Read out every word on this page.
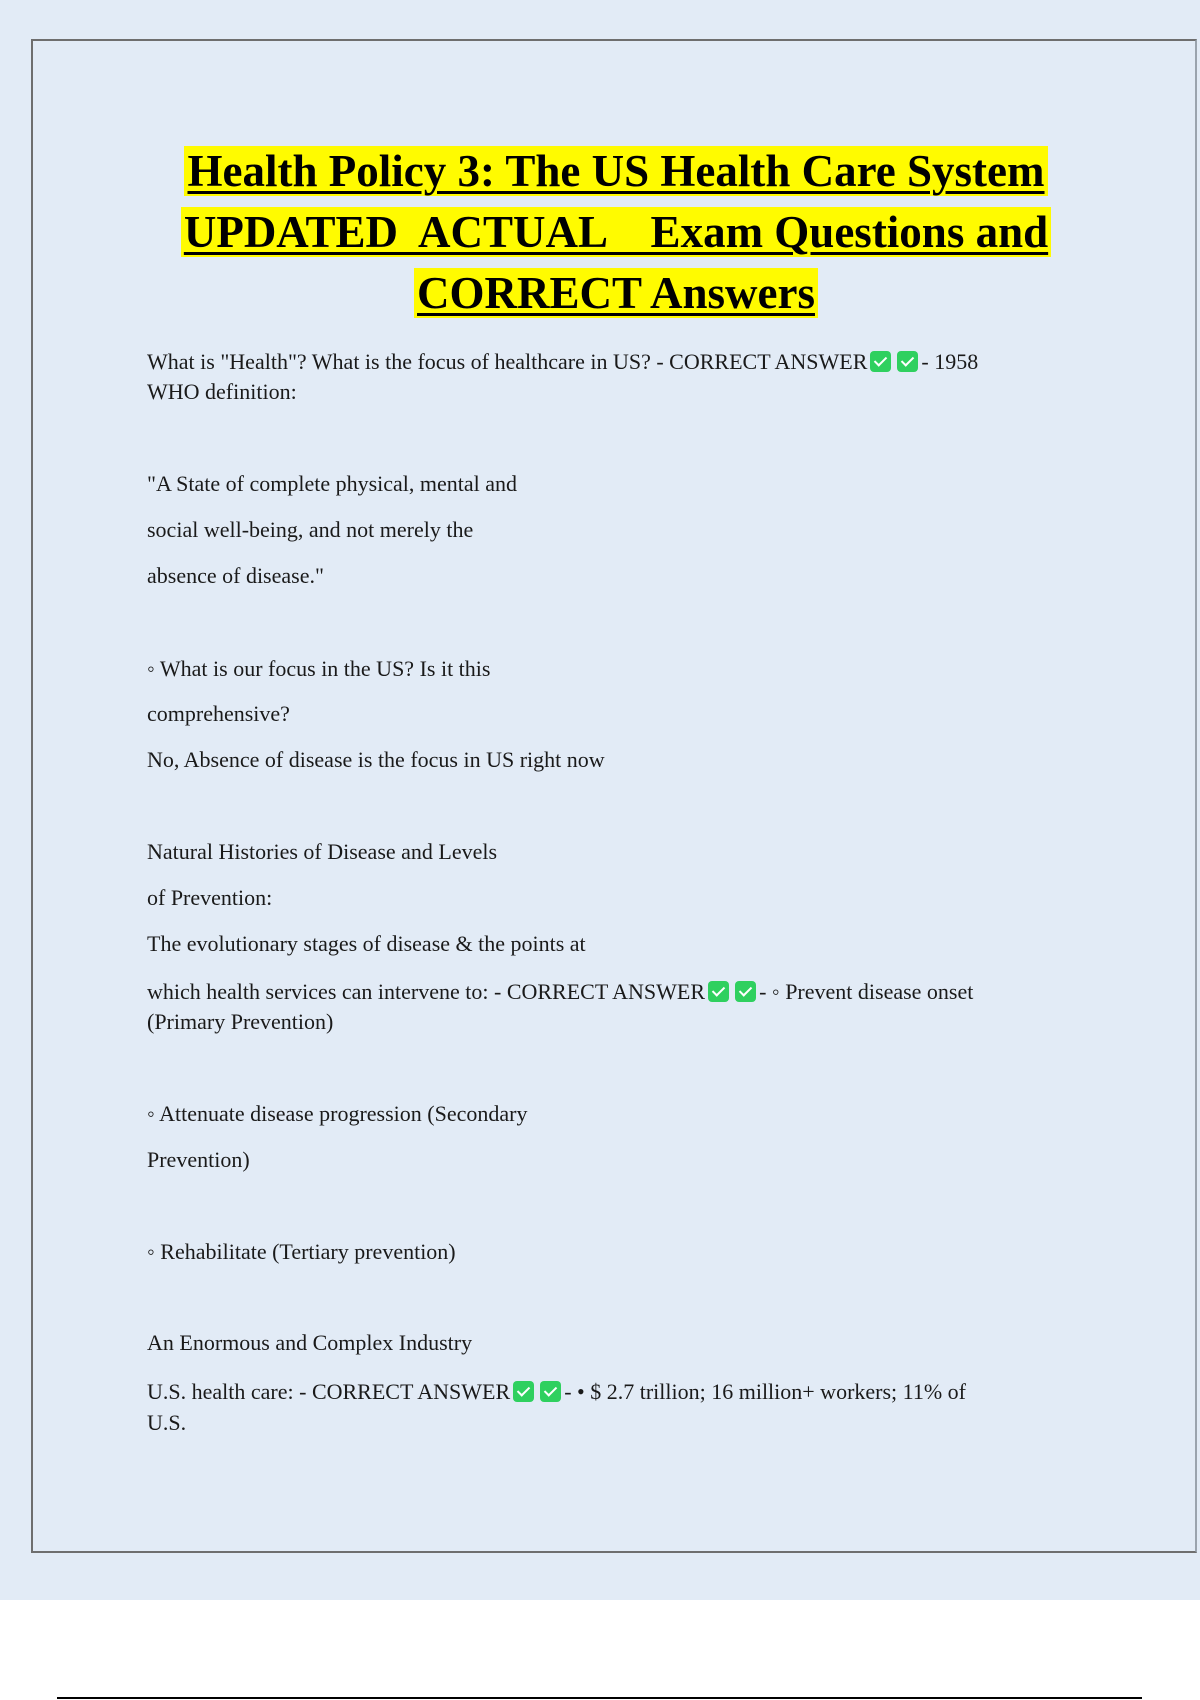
Health Policy 3: The US Health Care System
UPDATED  ACTUAL    Exam Questions and
CORRECT Answers
What is "Health"? What is the focus of healthcare in US? - CORRECT ANSWER - 1958
WHO definition:
"A State of complete physical, mental and
social well-being, and not merely the
absence of disease."
◦ What is our focus in the US? Is it this
comprehensive?
No, Absence of disease is the focus in US right now
Natural Histories of Disease and Levels
of Prevention:
The evolutionary stages of disease & the points at
which health services can intervene to: - CORRECT ANSWER - ◦ Prevent disease onset
(Primary Prevention)
◦ Attenuate disease progression (Secondary
Prevention)
◦ Rehabilitate (Tertiary prevention)
An Enormous and Complex Industry
U.S. health care: - CORRECT ANSWER - • $ 2.7 trillion; 16 million+ workers; 11% of
U.S.
